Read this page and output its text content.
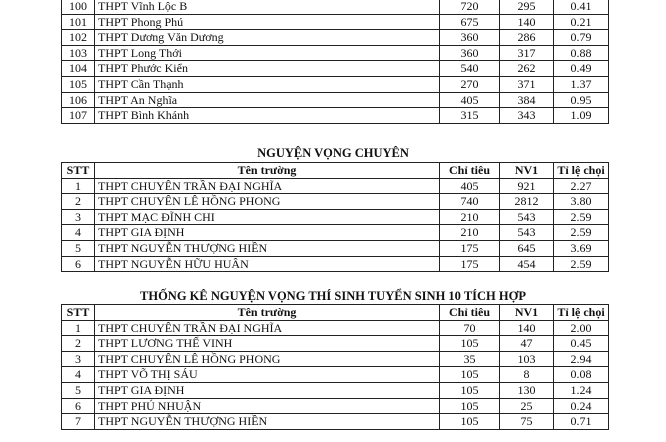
100	THPT Vĩnh Lộc B	720	295	0.41
101	THPT Phong Phú	675	140	0.21
102	THPT Dương Văn Dương	360	286	0.79
103	THPT Long Thới	360	317	0.88
104	THPT Phước Kiển	540	262	0.49
105	THPT Cần Thạnh	270	371	1.37
106	THPT An Nghĩa	405	384	0.95
107	THPT Bình Khánh	315	343	1.09
NGUYỆN VỌNG CHUYÊN
STT	Tên trường	Chỉ tiêu	NV1	Tỉ lệ chọi
1	THPT CHUYÊN TRẦN ĐẠI NGHĨA	405	921	2.27
2	THPT CHUYÊN LÊ HỒNG PHONG	740	2812	3.80
3	THPT MẠC ĐĨNH CHI	210	543	2.59
4	THPT GIA ĐỊNH	210	543	2.59
5	THPT NGUYỄN THƯỢNG HIỀN	175	645	3.69
6	THPT NGUYỄN HỮU HUÂN	175	454	2.59
THỐNG KÊ NGUYỆN VỌNG THÍ SINH TUYỂN SINH 10 TÍCH HỢP
STT	Tên trường	Chỉ tiêu	NV1	Tỉ lệ chọi
1	THPT CHUYÊN TRẦN ĐẠI NGHĨA	70	140	2.00
2	THPT LƯƠNG THẾ VINH	105	47	0.45
3	THPT CHUYÊN LÊ HỒNG PHONG	35	103	2.94
4	THPT VÕ THỊ SÁU	105	8	0.08
5	THPT GIA ĐỊNH	105	130	1.24
6	THPT PHÚ NHUẬN	105	25	0.24
7	THPT NGUYỄN THƯỢNG HIỀN	105	75	0.71
